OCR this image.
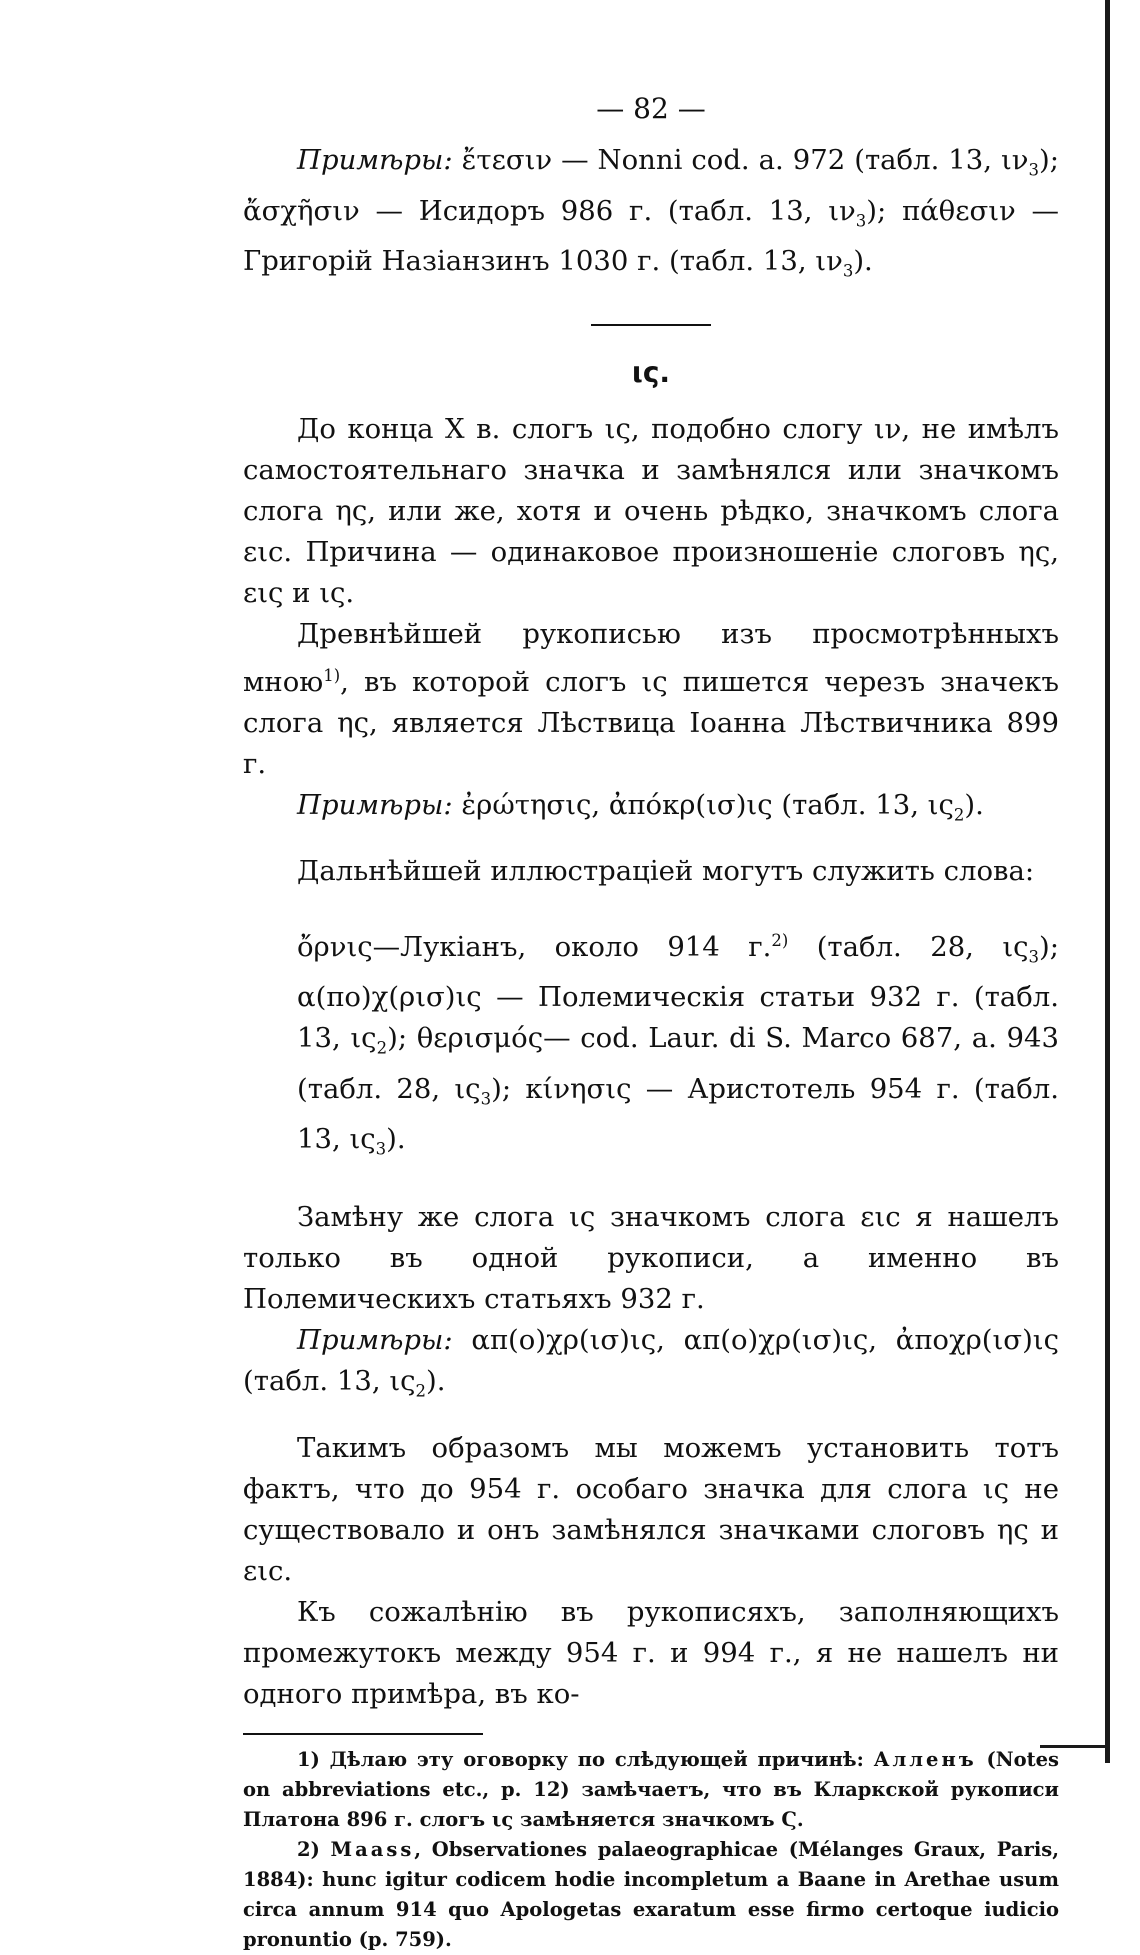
— 82 —

Примѣры: ἔτεσιν — Nonni cod. a. 972 (табл. 13, $\iota\nu_3$); ἄσχῆσιν — Исидоръ 986 г. (табл. 13, $\iota\nu_3$); πάθεσιν — Григорій Назіанзинъ 1030 г. (табл. 13, $\iota\nu_3$).

ις.

До конца X в. слогъ ις, подобно слогу ιν, не имѣлъ самостоятельнаго значка и замѣнялся или значкомъ слога ης, или же, хотя и очень рѣдко, значкомъ слога ειс. Причина — одинаковое произношеніе слоговъ ης, εις и ις.

Древнѣйшей рукописью изъ просмотрѣнныхъ мною$^{1)}$, въ которой слогъ ις пишется черезъ значекъ слога ης, является Лѣствица Іоанна Лѣствичника 899 г.

Примѣры: ἐρώτησις, ἀπόκρ(ισ)ις (табл. 13, $\iota\varsigma_2$).

Дальнѣйшей иллюстрацiей могутъ служить слова:

ὄρνις—Лукіанъ, около 914 г.$^{2)}$ (табл. 28, $\iota\varsigma_3$); α(πο)χ(ρισ)ις — Полемическія статьи 932 г. (табл. 13, $\iota\varsigma_2$); θερισμός— cod. Laur. di S. Marco 687, a. 943 (табл. 28, $\iota\varsigma_3$); κίνησις — Аристотель 954 г. (табл. 13, $\iota\varsigma_3$).

Замѣну же слога ις значкомъ слога ειс я нашелъ только въ одной рукописи, а именно въ Полемическихъ статьяхъ 932 г.

Примѣры: απ(ο)χρ(ισ)ις, απ(ο)χρ(ισ)ις, ἀποχρ(ισ)ις (табл. 13, $\iota\varsigma_2$).

Такимъ образомъ мы можемъ установить тотъ фактъ, что до 954 г. особаго значка для слога ις не существовало и онъ замѣнялся значками слоговъ ης и ειс.

Къ сожалѣнію въ рукописяхъ, заполняющихъ промежутокъ между 954 г. и 994 г., я не нашелъ ни одного примѣра, въ ко-

1) Дѣлаю эту оговорку по слѣдующей причинѣ: Алленъ (Notes on abbreviations etc., p. 12) замѣчаетъ, что въ Кларкской рукописи Платона 896 г. слогъ ις замѣняется значкомъ Ϛ.

2) Maass, Observationes palaeographicae (Mélanges Graux, Paris, 1884): hunc igitur codicem hodie incompletum a Baane in Arethae usum circa annum 914 quo Apologetas exaratum esse firmo certoque iudicio pronuntio (p. 759).
